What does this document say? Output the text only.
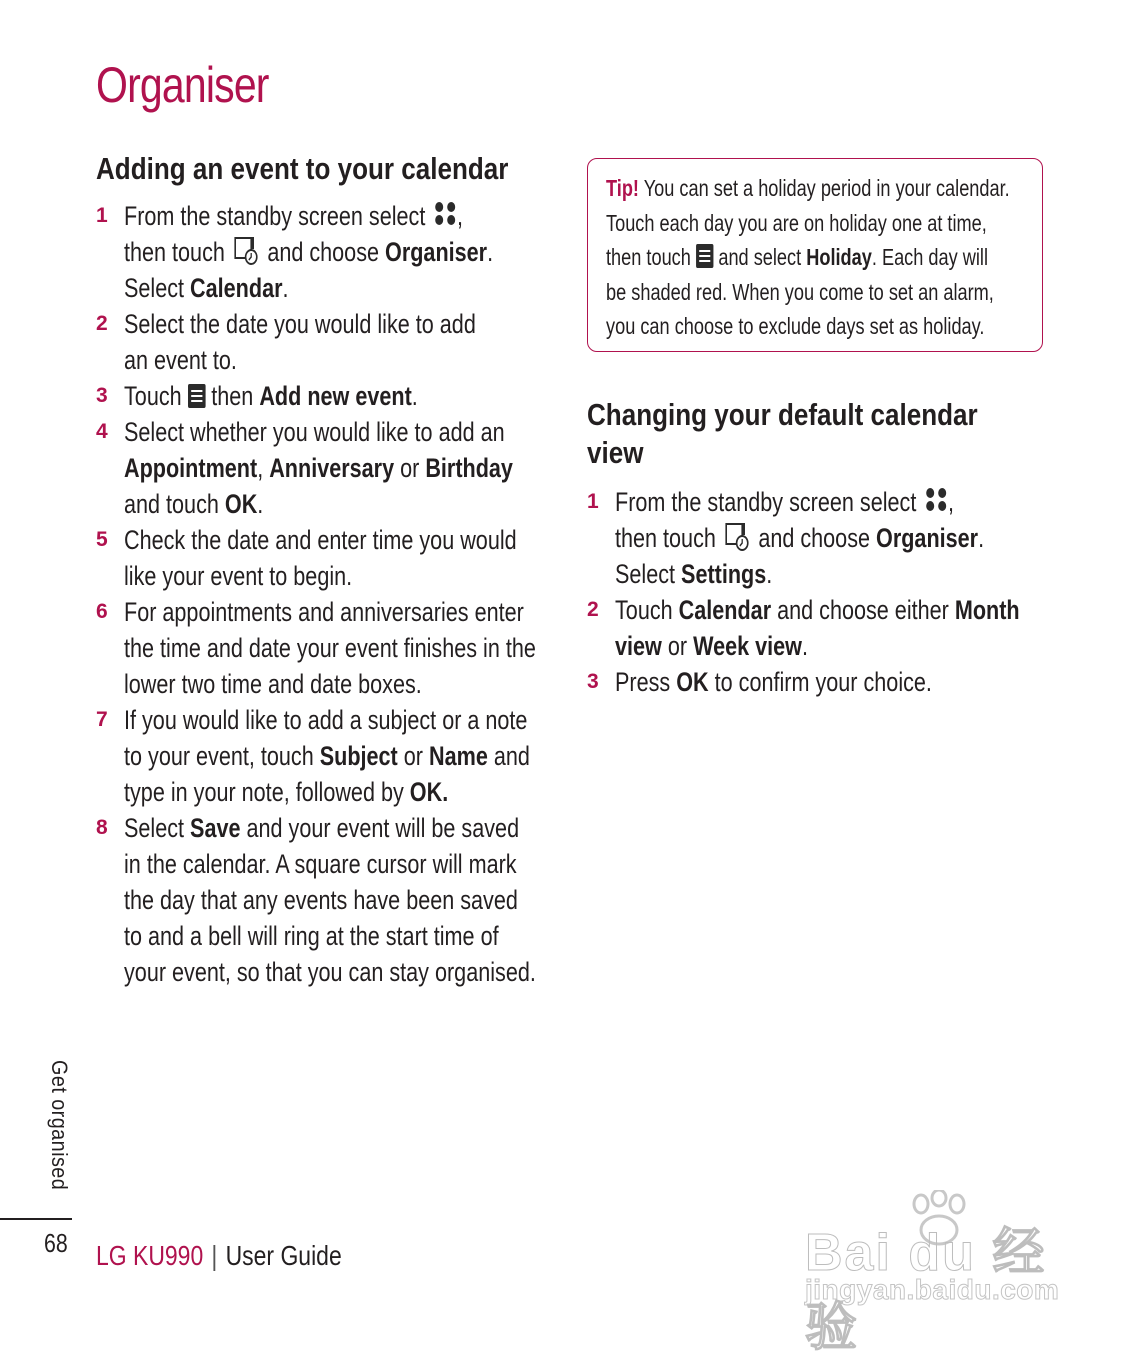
Organiser
Adding an event to your calendar
1 From the standby screen select ,
then touch and choose Organiser.
Select Calendar.
2 Select the date you would like to add
an event to.
3 Touch then Add new event.
4 Select whether you would like to add an
Appointment, Anniversary or Birthday
and touch OK.
5 Check the date and enter time you would
like your event to begin.
6 For appointments and anniversaries enter
the time and date your event finishes in the
lower two time and date boxes.
7 If you would like to add a subject or a note
to your event, touch Subject or Name and
type in your note, followed by OK.
8 Select Save and your event will be saved
in the calendar. A square cursor will mark
the day that any events have been saved
to and a bell will ring at the start time of
your event, so that you can stay organised.
Tip! You can set a holiday period in your calendar.
Touch each day you are on holiday one at time,
then touch and select Holiday. Each day will
be shaded red. When you come to set an alarm,
you can choose to exclude days set as holiday.
Changing your default calendar
view
1 From the standby screen select ,
then touch and choose Organiser.
Select Settings.
2 Touch Calendar and choose either Month
view or Week view.
3 Press OK to confirm your choice.
Get organised
68 LG KU990 | User Guide	Bai du 经验
jingyan.baidu.com
